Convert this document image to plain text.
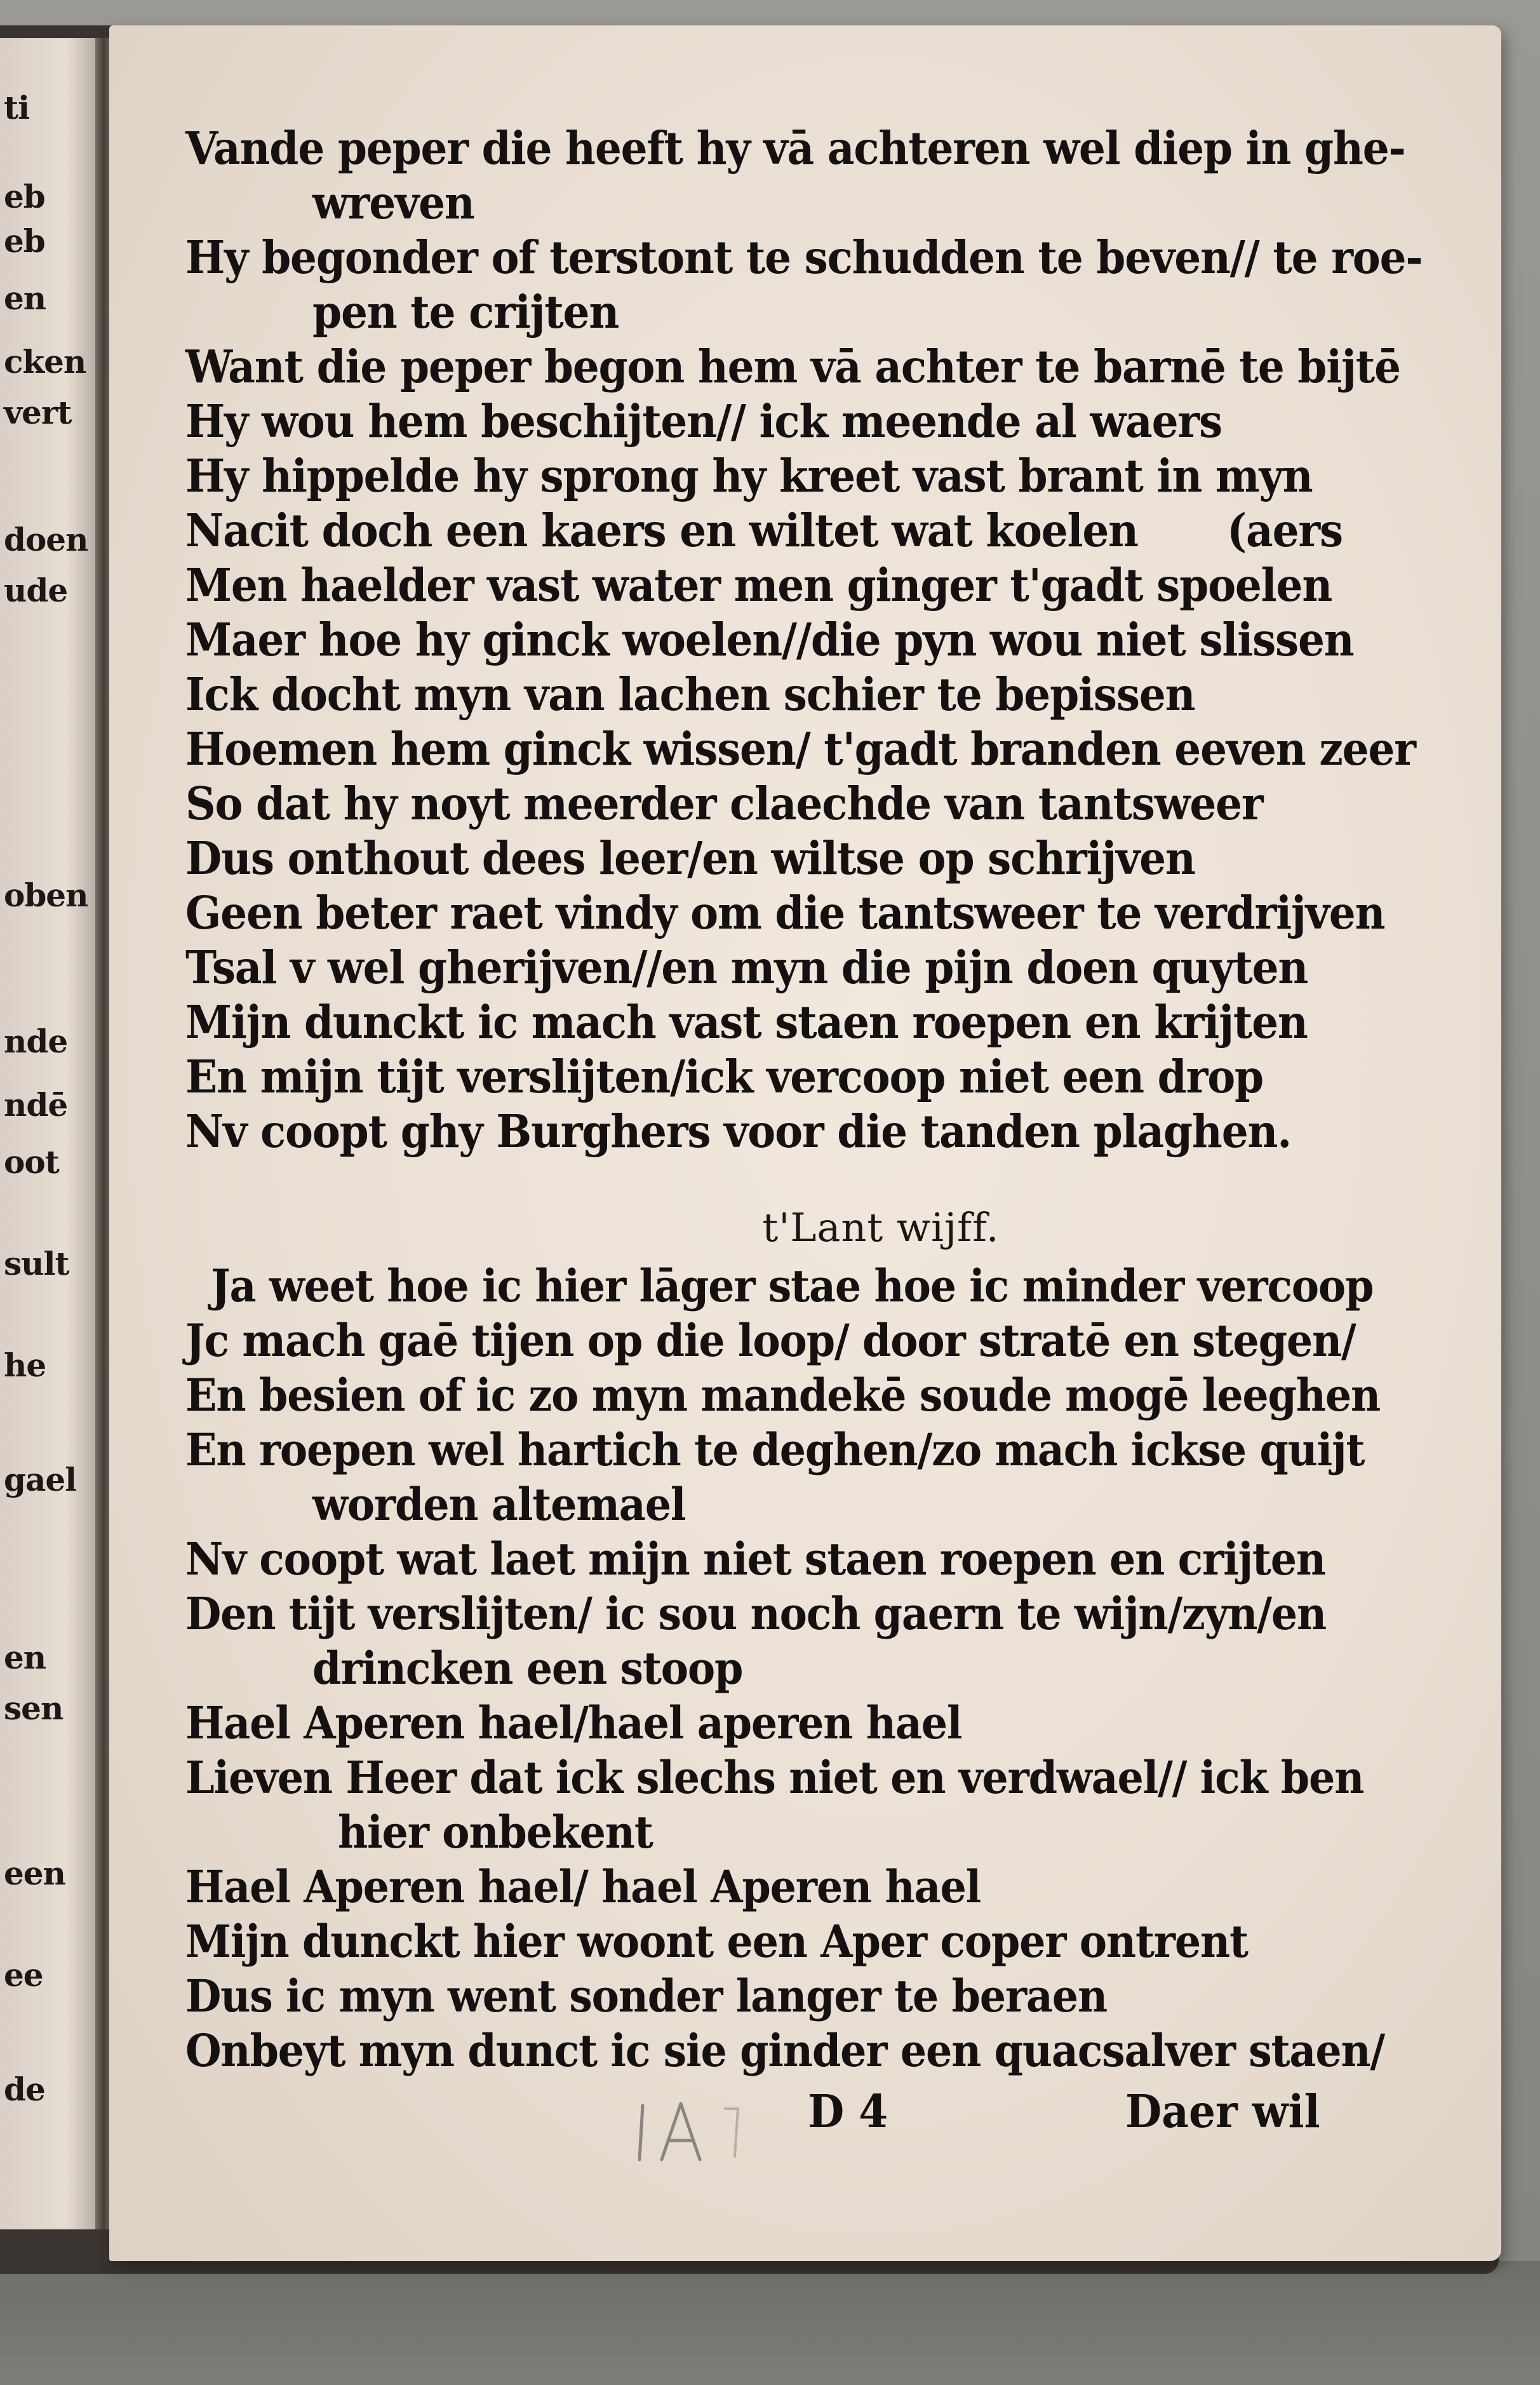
ti
eb
eb
en
cken
vert
doen
ude
oben
nde
ndē
oot
sult
he
gael
en
sen
een
ee
de
Vande peper die heeft hy vā achteren wel diep in ghe-
wreven
Hy begonder of terstont te schudden te beven// te roe-
pen te crijten
Want die peper begon hem vā achter te barnē te bijtē
Hy wou hem beschijten// ick meende al waers
Hy hippelde hy sprong hy kreet vast brant in myn
Nacit doch een kaers en wiltet wat koelen (aers
Men haelder vast water men ginger t'gadt spoelen
Maer hoe hy ginck woelen//die pyn wou niet slissen
Ick docht myn van lachen schier te bepissen
Hoemen hem ginck wissen/ t'gadt branden eeven zeer
So dat hy noyt meerder claechde van tantsweer
Dus onthout dees leer/en wiltse op schrijven
Geen beter raet vindy om die tantsweer te verdrijven
Tsal v wel gherijven//en myn die pijn doen quyten
Mijn dunckt ic mach vast staen roepen en krijten
En mijn tijt verslijten/ick vercoop niet een drop
Nv coopt ghy Burghers voor die tanden plaghen.
t'Lant wijff.
Ja weet hoe ic hier lāger stae hoe ic minder vercoop
Jc mach gaē tijen op die loop/ door stratē en stegen/
En besien of ic zo myn mandekē soude mogē leeghen
En roepen wel hartich te deghen/zo mach ickse quijt
worden altemael
Nv coopt wat laet mijn niet staen roepen en crijten
Den tijt verslijten/ ic sou noch gaern te wijn/zyn/en
drincken een stoop
Hael Aperen hael/hael aperen hael
Lieven Heer dat ick slechs niet en verdwael// ick ben
hier onbekent
Hael Aperen hael/ hael Aperen hael
Mijn dunckt hier woont een Aper coper ontrent
Dus ic myn went sonder langer te beraen
Onbeyt myn dunct ic sie ginder een quacsalver staen/
D 4	Daer wil
